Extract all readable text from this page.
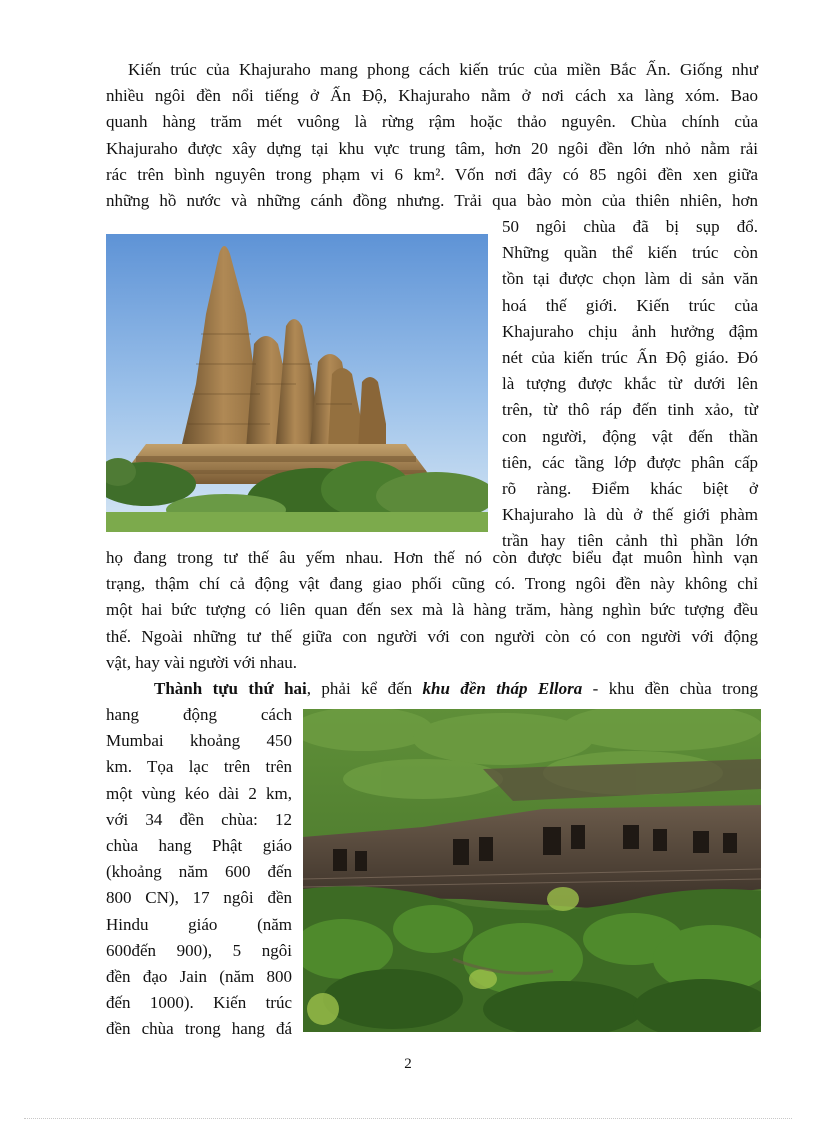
Kiến trúc của Khajuraho mang phong cách kiến trúc của miền Bắc Ấn. Giống như
nhiều ngôi đền nổi tiếng ở Ấn Độ, Khajuraho nằm ở nơi cách xa làng xóm. Bao
quanh hàng trăm mét vuông là rừng rậm hoặc thảo nguyên. Chùa chính của
Khajuraho được xây dựng tại khu vực trung tâm, hơn 20 ngôi đền lớn nhỏ nằm rải
rác trên bình nguyên trong phạm vi 6 km². Vốn nơi đây có 85 ngôi đền xen giữa
những hồ nước và những cánh đồng nhưng. Trải qua bào mòn của thiên nhiên, hơn
50 ngôi chùa đã bị sụp đổ.
Những quần thể kiến trúc còn
tồn tại được chọn làm di sản văn
hoá thế giới. Kiến trúc của
Khajuraho chịu ảnh hưởng đậm
nét của kiến trúc Ấn Độ giáo. Đó
là tượng được khắc từ dưới lên
trên, từ thô ráp đến tinh xảo, từ
con người, động vật đến thần
tiên, các tầng lớp được phân cấp
rõ ràng. Điểm khác biệt ở
Khajuraho là dù ở thế giới phàm
trần hay tiên cảnh thì phần lớn
họ đang trong tư thế âu yếm nhau. Hơn thế nó còn được biểu đạt muôn hình vạn
trạng, thậm chí cả động vật đang giao phối cũng có. Trong ngôi đền này không chỉ
một hai bức tượng có liên quan đến sex mà là hàng trăm, hàng nghìn bức tượng đều
thế. Ngoài những tư thế giữa con người với con người còn có con người với động
vật, hay vài người với nhau.
Thành tựu thứ hai, phải kể đến khu đền tháp Ellora - khu đền chùa trong
hang động cách
Mumbai khoảng 450
km. Tọa lạc trên trên
một vùng kéo dài 2 km,
với 34 đền chùa: 12
chùa hang Phật giáo
(khoảng năm 600 đến
800 CN), 17 ngôi đền
Hindu giáo (năm
600đến 900), 5 ngôi
đền đạo Jain (năm 800
đến 1000). Kiến trúc
đền chùa trong hang đá
2
